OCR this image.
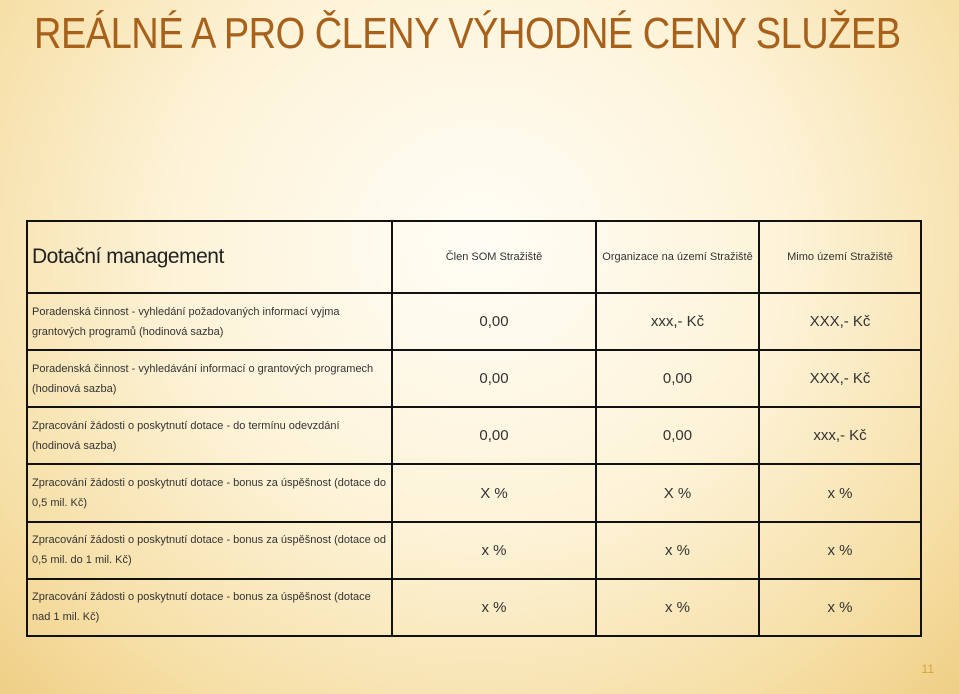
REÁLNÉ A PRO ČLENY VÝHODNÉ CENY SLUŽEB
Dotační management	Člen SOM Stražiště	Organizace na území Stražiště	Mimo území Stražiště
Poradenská činnost - vyhledání požadovaných informací vyjma grantových programů (hodinová sazba)	0,00	xxx,- Kč	XXX,- Kč
Poradenská činnost - vyhledávání informací o grantových programech (hodinová sazba)	0,00	0,00	XXX,- Kč
Zpracování žádosti o poskytnutí dotace - do termínu odevzdání (hodinová sazba)	0,00	0,00	xxx,- Kč
Zpracování žádosti o poskytnutí dotace - bonus za úspěšnost (dotace do 0,5 mil. Kč)	X %	X %	x %
Zpracování žádosti o poskytnutí dotace - bonus za úspěšnost (dotace od 0,5 mil. do 1 mil. Kč)	x %	x %	x %
Zpracování žádosti o poskytnutí dotace - bonus za úspěšnost (dotace nad 1 mil. Kč)	x %	x %	x %
11
